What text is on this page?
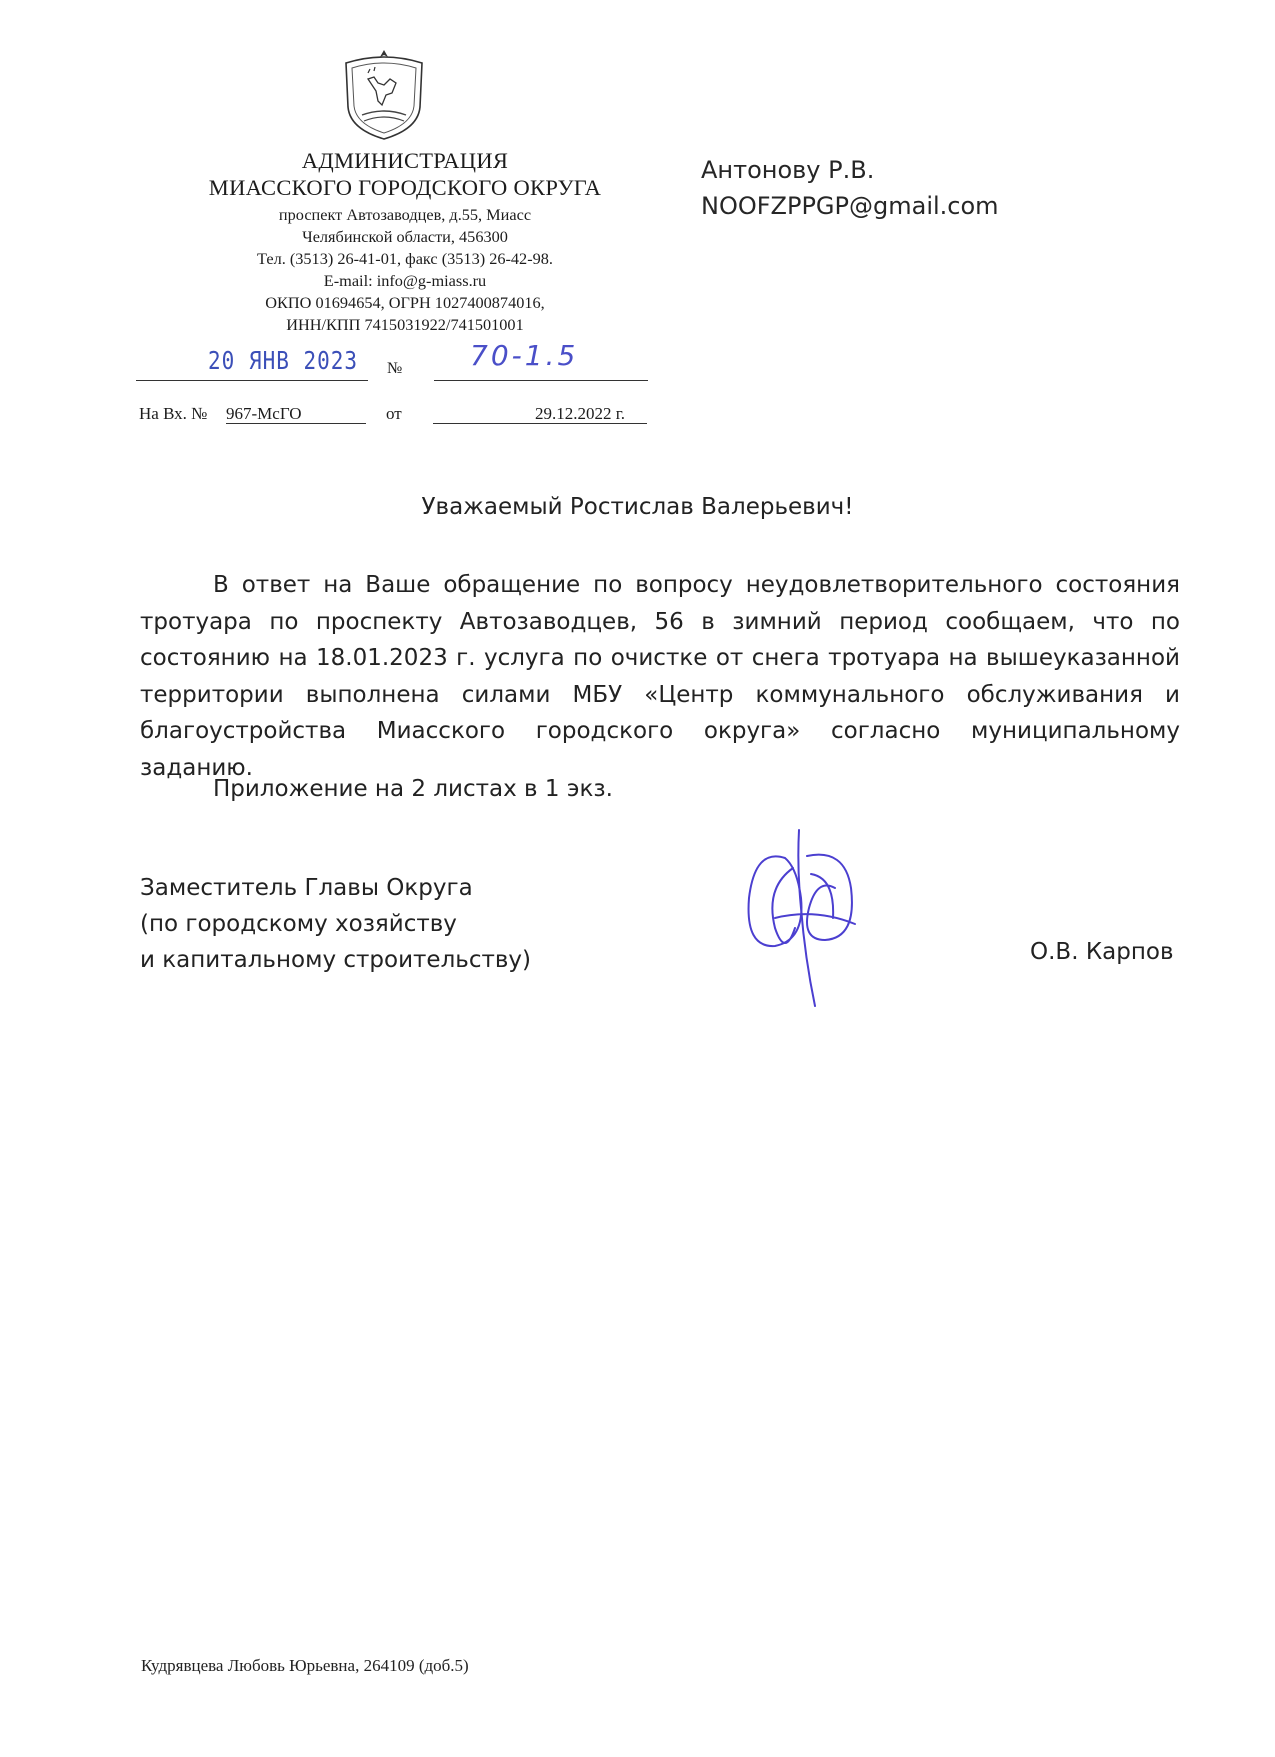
АДМИНИСТРАЦИЯ
МИАССКОГО ГОРОДСКОГО ОКРУГА
проспект Автозаводцев, д.55, Миасс
Челябинской области, 456300
Тел. (3513) 26-41-01, факс (3513) 26-42-98.
E-mail: info@g-miass.ru
ОКПО 01694654, ОГРН 1027400874016,
ИНН/КПП 7415031922/741501001
Антонову Р.В.
NOOFZPPGP@gmail.com
20 ЯНВ 2023 № 70-1.5
На Вх. № 967-МсГО	от	29.12.2022 г.
Уважаемый Ростислав Валерьевич!

В ответ на Ваше обращение по вопросу неудовлетворительного состояния тротуара по проспекту Автозаводцев, 56 в зимний период сообщаем, что по состоянию на 18.01.2023 г. услуга по очистке от снега тротуара на вышеуказанной территории выполнена силами МБУ «Центр коммунального обслуживания и благоустройства Миасского городского округа» согласно муниципальному заданию.

Приложение на 2 листах в 1 экз.
Заместитель Главы Округа
(по городскому хозяйству
и капитальному строительству)	О.В. Карпов
Кудрявцева Любовь Юрьевна, 264109 (доб.5)
